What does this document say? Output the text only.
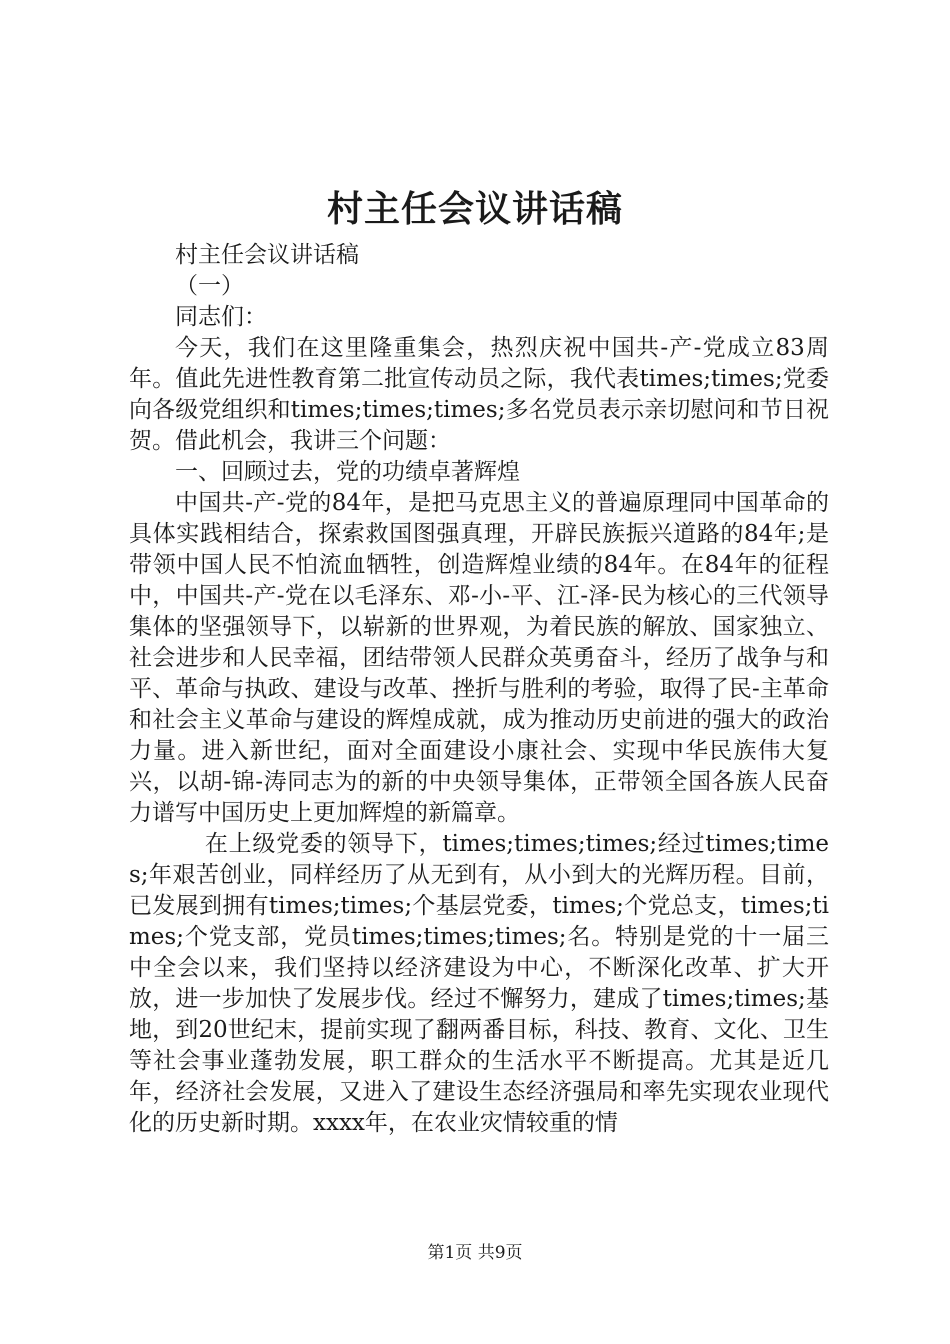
村主任会议讲话稿

村主任会议讲话稿

（一）

同志们：

今天，我们在这里隆重集会，热烈庆祝中国共-产-党成立83周年。值此先进性教育第二批宣传动员之际，我代表times;times;党委向各级党组织和times;times;times;多名党员表示亲切慰问和节日祝贺。借此机会，我讲三个问题：

一、回顾过去，党的功绩卓著辉煌

中国共-产-党的84年，是把马克思主义的普遍原理同中国革命的具体实践相结合，探索救国图强真理，开辟民族振兴道路的84年;是带领中国人民不怕流血牺牲，创造辉煌业绩的84年。在84年的征程中，中国共-产-党在以毛泽东、邓-小-平、江-泽-民为核心的三代领导集体的坚强领导下，以崭新的世界观，为着民族的解放、国家独立、社会进步和人民幸福，团结带领人民群众英勇奋斗，经历了战争与和平、革命与执政、建设与改革、挫折与胜利的考验，取得了民-主革命和社会主义革命与建设的辉煌成就，成为推动历史前进的强大的政治力量。进入新世纪，面对全面建设小康社会、实现中华民族伟大复兴，以胡-锦-涛同志为的新的中央领导集体，正带领全国各族人民奋力谱写中国历史上更加辉煌的新篇章。

在上级党委的领导下，times;times;times;经过times;times;年艰苦创业，同样经历了从无到有，从小到大的光辉历程。目前，已发展到拥有times;times;个基层党委，times;个党总支，times;times;个党支部，党员times;times;times;名。特别是党的十一届三中全会以来，我们坚持以经济建设为中心，不断深化改革、扩大开放，进一步加快了发展步伐。经过不懈努力，建成了times;times;基地，到20世纪末，提前实现了翻两番目标，科技、教育、文化、卫生等社会事业蓬勃发展，职工群众的生活水平不断提高。尤其是近几年，经济社会发展，又进入了建设生态经济强局和率先实现农业现代化的历史新时期。xxxx年，在农业灾情较重的情

第1页 共9页
